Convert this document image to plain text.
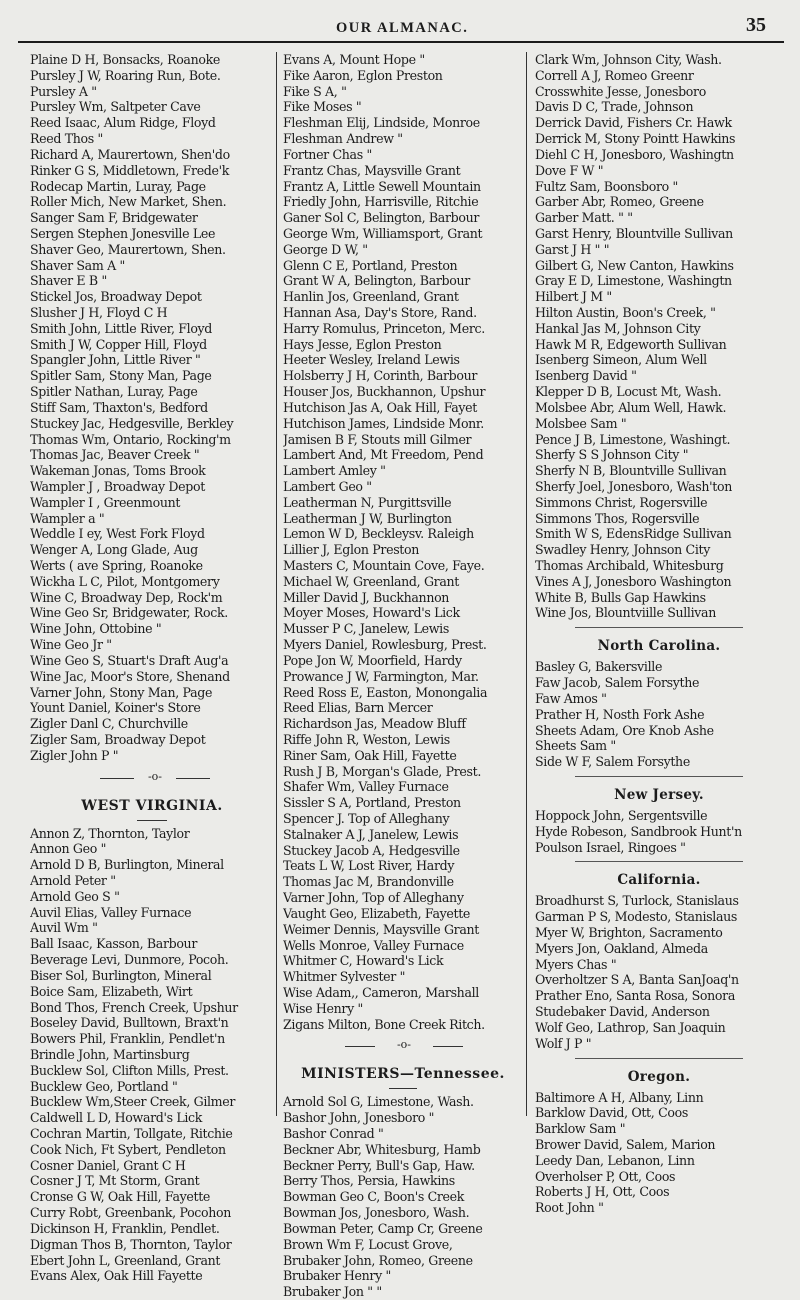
OUR ALMANAC.	35
Plaine D H, Bonsacks, Roanoke
Pursley J W, Roaring Run, Bote.
Pursley A "
Pursley Wm, Saltpeter Cave
Reed Isaac, Alum Ridge, Floyd
Reed Thos "
Richard A, Maurertown, Shen'do
Rinker G S, Middletown, Frede'k
Rodecap Martin, Luray, Page
Roller Mich, New Market, Shen.
Sanger Sam F, Bridgewater
Sergen Stephen Jonesville Lee
Shaver Geo, Maurertown, Shen.
Shaver Sam A "
Shaver E B "
Stickel Jos, Broadway Depot
Slusher J H, Floyd C H
Smith John, Little River, Floyd
Smith J W, Copper Hill, Floyd
Spangler John, Little River "
Spitler Sam, Stony Man, Page
Spitler Nathan, Luray, Page
Stiff Sam, Thaxton's, Bedford
Stuckey Jac, Hedgesville, Berkley
Thomas Wm, Ontario, Rocking'm
Thomas Jac, Beaver Creek "
Wakeman Jonas, Toms Brook
Wampler J , Broadway Depot
Wampler I , Greenmount
Wampler a "
Weddle I ey, West Fork Floyd
Wenger A, Long Glade, Aug
Werts ( ave Spring, Roanoke
Wickha L C, Pilot, Montgomery
Wine C, Broadway Dep, Rock'm
Wine Geo Sr, Bridgewater, Rock.
Wine John, Ottobine "
Wine Geo Jr "
Wine Geo S, Stuart's Draft Aug'a
Wine Jac, Moor's Store, Shenand
Varner John, Stony Man, Page
Yount Daniel, Koiner's Store
Zigler Danl C, Churchville
Zigler Sam, Broadway Depot
Zigler John P "
-o-
WEST VIRGINIA.
Annon Z, Thornton, Taylor
Annon Geo "
Arnold D B, Burlington, Mineral
Arnold Peter "
Arnold Geo S "
Auvil Elias, Valley Furnace
Auvil Wm "
Ball Isaac, Kasson, Barbour
Beverage Levi, Dunmore, Pocoh.
Biser Sol, Burlington, Mineral
Boice Sam, Elizabeth, Wirt
Bond Thos, French Creek, Upshur
Boseley David, Bulltown, Braxt'n
Bowers Phil, Franklin, Pendlet'n
Brindle John, Martinsburg
Bucklew Sol, Clifton Mills, Prest.
Bucklew Geo, Portland "
Bucklew Wm,Steer Creek, Gilmer
Caldwell L D, Howard's Lick
Cochran Martin, Tollgate, Ritchie
Cook Nich, Ft Sybert, Pendleton
Cosner Daniel, Grant C H
Cosner J T, Mt Storm, Grant
Cronse G W, Oak Hill, Fayette
Curry Robt, Greenbank, Pocohon
Dickinson H, Franklin, Pendlet.
Digman Thos B, Thornton, Taylor
Ebert John L, Greenland, Grant
Evans Alex, Oak Hill Fayette
Evans A, Mount Hope "
Fike Aaron, Eglon Preston
Fike S A, "
Fike Moses "
Fleshman Elij, Lindside, Monroe
Fleshman Andrew "
Fortner Chas "
Frantz Chas, Maysville Grant
Frantz A, Little Sewell Mountain
Friedly John, Harrisville, Ritchie
Ganer Sol C, Belington, Barbour
George Wm, Williamsport, Grant
George D W, "
Glenn C E, Portland, Preston
Grant W A, Belington, Barbour
Hanlin Jos, Greenland, Grant
Hannan Asa, Day's Store, Rand.
Harry Romulus, Princeton, Merc.
Hays Jesse, Eglon Preston
Heeter Wesley, Ireland Lewis
Holsberry J H, Corinth, Barbour
Houser Jos, Buckhannon, Upshur
Hutchison Jas A, Oak Hill, Fayet
Hutchison James, Lindside Monr.
Jamisen B F, Stouts mill Gilmer
Lambert And, Mt Freedom, Pend
Lambert Amley "
Lambert Geo "
Leatherman N, Purgittsville
Leatherman J W, Burlington
Lemon W D, Beckleysv. Raleigh
Lillier J, Eglon Preston
Masters C, Mountain Cove, Faye.
Michael W, Greenland, Grant
Miller David J, Buckhannon
Moyer Moses, Howard's Lick
Musser P C, Janelew, Lewis
Myers Daniel, Rowlesburg, Prest.
Pope Jon W, Moorfield, Hardy
Prowance J W, Farmington, Mar.
Reed Ross E, Easton, Monongalia
Reed Elias, Barn Mercer
Richardson Jas, Meadow Bluff
Riffe John R, Weston, Lewis
Riner Sam, Oak Hill, Fayette
Rush J B, Morgan's Glade, Prest.
Shafer Wm, Valley Furnace
Sissler S A, Portland, Preston
Spencer J. Top of Alleghany
Stalnaker A J, Janelew, Lewis
Stuckey Jacob A, Hedgesville
Teats L W, Lost River, Hardy
Thomas Jac M, Brandonville
Varner John, Top of Alleghany
Vaught Geo, Elizabeth, Fayette
Weimer Dennis, Maysville Grant
Wells Monroe, Valley Furnace
Whitmer C, Howard's Lick
Whitmer Sylvester "
Wise Adam,, Cameron, Marshall
Wise Henry "
Zigans Milton, Bone Creek Ritch.
-o-
MINISTERS—Tennessee.
Arnold Sol G, Limestone, Wash.
Bashor John, Jonesboro "
Bashor Conrad "
Beckner Abr, Whitesburg, Hamb
Beckner Perry, Bull's Gap, Haw.
Berry Thos, Persia, Hawkins
Bowman Geo C, Boon's Creek
Bowman Jos, Jonesboro, Wash.
Bowman Peter, Camp Cr, Greene
Brown Wm F, Locust Grove,
Brubaker John, Romeo, Greene
Brubaker Henry "
Brubaker Jon " "
Clark Wm, Johnson City, Wash.
Correll A J, Romeo Greenr
Crosswhite Jesse, Jonesboro
Davis D C, Trade, Johnson
Derrick David, Fishers Cr. Hawk
Derrick M, Stony Pointt Hawkins
Diehl C H, Jonesboro, Washingtn
Dove F W "
Fultz Sam, Boonsboro "
Garber Abr, Romeo, Greene
Garber Matt. " "
Garst Henry, Blountville Sullivan
Garst J H " "
Gilbert G, New Canton, Hawkins
Gray E D, Limestone, Washingtn
Hilbert J M "
Hilton Austin, Boon's Creek, "
Hankal Jas M, Johnson City
Hawk M R, Edgeworth Sullivan
Isenberg Simeon, Alum Well
Isenberg David "
Klepper D B, Locust Mt, Wash.
Molsbee Abr, Alum Well, Hawk.
Molsbee Sam "
Pence J B, Limestone, Washingt.
Sherfy S S Johnson City "
Sherfy N B, Blountville Sullivan
Sherfy Joel, Jonesboro, Wash'ton
Simmons Christ, Rogersville
Simmons Thos, Rogersville
Smith W S, EdensRidge Sullivan
Swadley Henry, Johnson City
Thomas Archibald, Whitesburg
Vines A J, Jonesboro Washington
White B, Bulls Gap Hawkins
Wine Jos, Blountviille Sullivan
North Carolina.
Basley G, Bakersville
Faw Jacob, Salem Forsythe
Faw Amos "
Prather H, Nosth Fork Ashe
Sheets Adam, Ore Knob Ashe
Sheets Sam "
Side W F, Salem Forsythe
New Jersey.
Hoppock John, Sergentsville
Hyde Robeson, Sandbrook Hunt'n
Poulson Israel, Ringoes "
California.
Broadhurst S, Turlock, Stanislaus
Garman P S, Modesto, Stanislaus
Myer W, Brighton, Sacramento
Myers Jon, Oakland, Almeda
Myers Chas "
Overholtzer S A, Banta SanJoaq'n
Prather Eno, Santa Rosa, Sonora
Studebaker David, Anderson
Wolf Geo, Lathrop, San Joaquin
Wolf J P "
Oregon.
Baltimore A H, Albany, Linn
Barklow David, Ott, Coos
Barklow Sam "
Brower David, Salem, Marion
Leedy Dan, Lebanon, Linn
Overholser P, Ott, Coos
Roberts J H, Ott, Coos
Root John "
